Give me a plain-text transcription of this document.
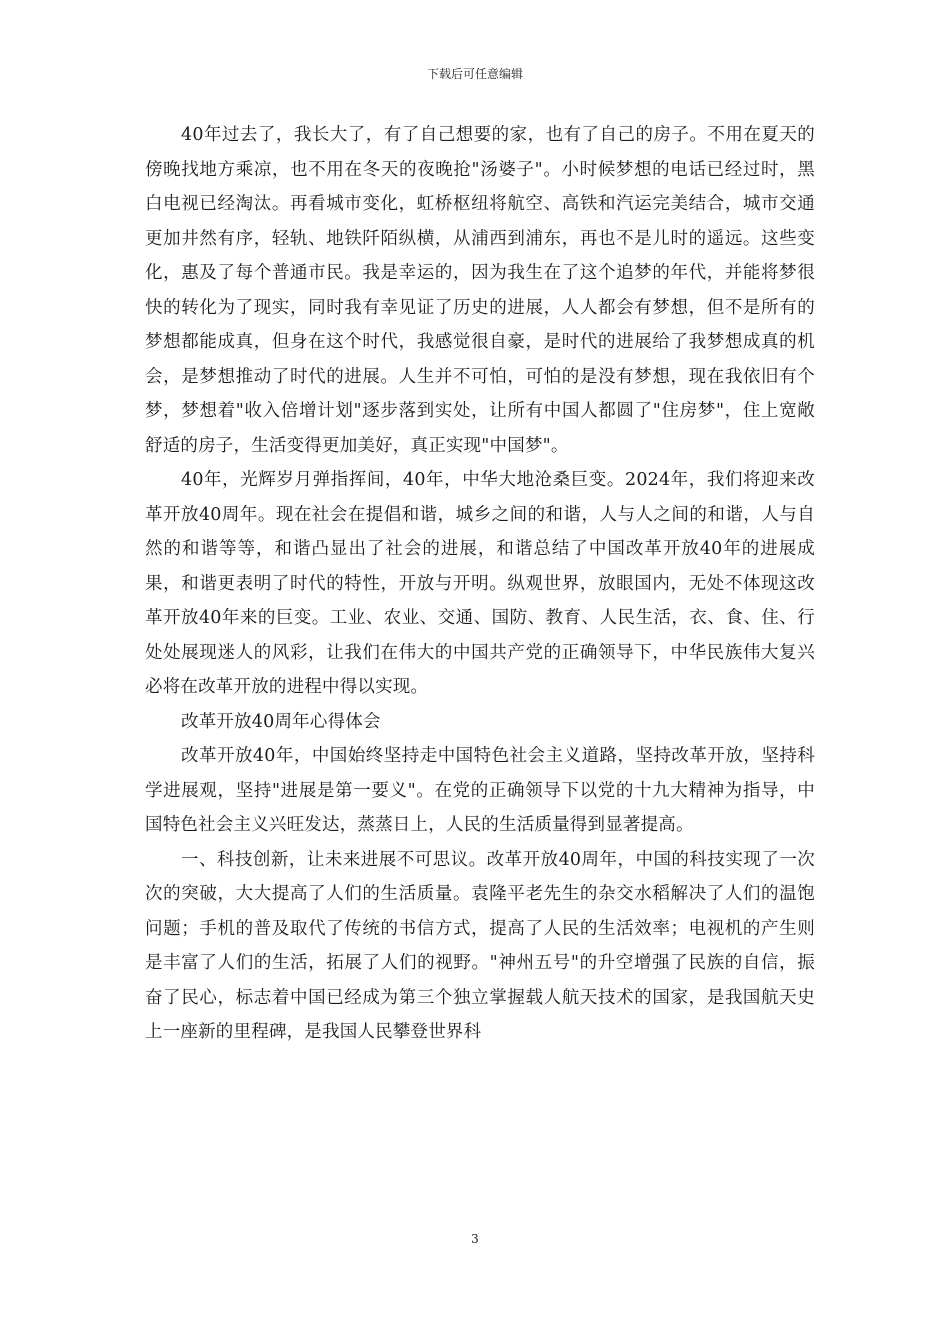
下载后可任意编辑

40年过去了，我长大了，有了自己想要的家，也有了自己的房子。不用在夏天的傍晚找地方乘凉，也不用在冬天的夜晚抢"汤婆子"。小时候梦想的电话已经过时，黑白电视已经淘汰。再看城市变化，虹桥枢纽将航空、高铁和汽运完美结合，城市交通更加井然有序，轻轨、地铁阡陌纵横，从浦西到浦东，再也不是儿时的遥远。这些变化，惠及了每个普通市民。我是幸运的，因为我生在了这个追梦的年代，并能将梦很快的转化为了现实，同时我有幸见证了历史的进展，人人都会有梦想，但不是所有的梦想都能成真，但身在这个时代，我感觉很自豪，是时代的进展给了我梦想成真的机会，是梦想推动了时代的进展。人生并不可怕，可怕的是没有梦想，现在我依旧有个梦，梦想着"收入倍增计划"逐步落到实处，让所有中国人都圆了"住房梦"，住上宽敞舒适的房子，生活变得更加美好，真正实现"中国梦"。

40年，光辉岁月弹指挥间，40年，中华大地沧桑巨变。2024年，我们将迎来改革开放40周年。现在社会在提倡和谐，城乡之间的和谐，人与人之间的和谐，人与自然的和谐等等，和谐凸显出了社会的进展，和谐总结了中国改革开放40年的进展成果，和谐更表明了时代的特性，开放与开明。纵观世界，放眼国内，无处不体现这改革开放40年来的巨变。工业、农业、交通、国防、教育、人民生活，衣、食、住、行处处展现迷人的风彩，让我们在伟大的中国共产党的正确领导下，中华民族伟大复兴必将在改革开放的进程中得以实现。

改革开放40周年心得体会

改革开放40年，中国始终坚持走中国特色社会主义道路，坚持改革开放，坚持科学进展观，坚持"进展是第一要义"。在党的正确领导下以党的十九大精神为指导，中国特色社会主义兴旺发达，蒸蒸日上，人民的生活质量得到显著提高。

一、科技创新，让未来进展不可思议。改革开放40周年，中国的科技实现了一次次的突破，大大提高了人们的生活质量。袁隆平老先生的杂交水稻解决了人们的温饱问题；手机的普及取代了传统的书信方式，提高了人民的生活效率；电视机的产生则是丰富了人们的生活，拓展了人们的视野。"神州五号"的升空增强了民族的自信，振奋了民心，标志着中国已经成为第三个独立掌握载人航天技术的国家，是我国航天史上一座新的里程碑，是我国人民攀登世界科

3
